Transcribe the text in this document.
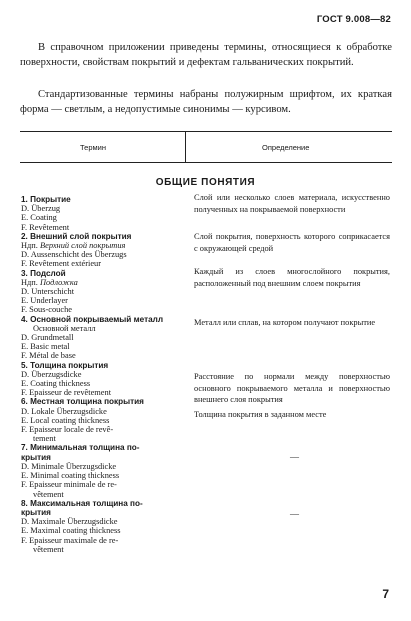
ГОСТ 9.008—82

В справочном приложении приведены термины, относящиеся к обработке поверхности, свойствам покрытий и дефектам гальванических покрытий.

Стандартизованные термины набраны полужирным шрифтом, их краткая форма — светлым, а недопустимые синонимы — курсивом.

Термин	Определение
ОБЩИЕ ПОНЯТИЯ
1. Покрытие
D. Überzug
E. Coating
F. Revêtement
2. Внешний слой покрытия
Ндп. Верхний слой покрытия
D. Aussenschicht des Überzugs
F. Revêtement extérieur
3. Подслой
Ндп. Подложка
D. Unterschicht
E. Underlayer
F. Sous-couche
4. Основной покрываемый металл
Основной металл
D. Grundmetall
E. Basic metal
F. Métal de base
5. Толщина покрытия
D. Überzugsdicke
E. Coating thickness
F. Epaisseur de revêtement
6. Местная толщина покрытия
D. Lokale Überzugsdicke
E. Local coating thickness
F. Epaisseur locale de revê-
tement
7. Минимальная толщина по-
крытия
D. Minimale Überzugsdicke
E. Minimal coating thickness
F. Epaisseur minimale de re-
vêtement
8. Максимальная толщина по-
крытия
D. Maximale Überzugsdicke
E. Maximal coating thickness
F. Epaisseur maximale de re-
vêtement
Слой или несколько слоев материала, искусственно полученных на покрываемой поверхности
Слой покрытия, поверхность которого соприкасается с окружающей средой
Каждый из слоев многослойного покрытия, расположенный под внешним слоем покрытия
Металл или сплав, на котором получают покрытие
Расстояние по нормали между поверхностью основного покрываемого металла и поверхностью внешнего слоя покрытия
Толщина покрытия в заданном месте
—
—
7
